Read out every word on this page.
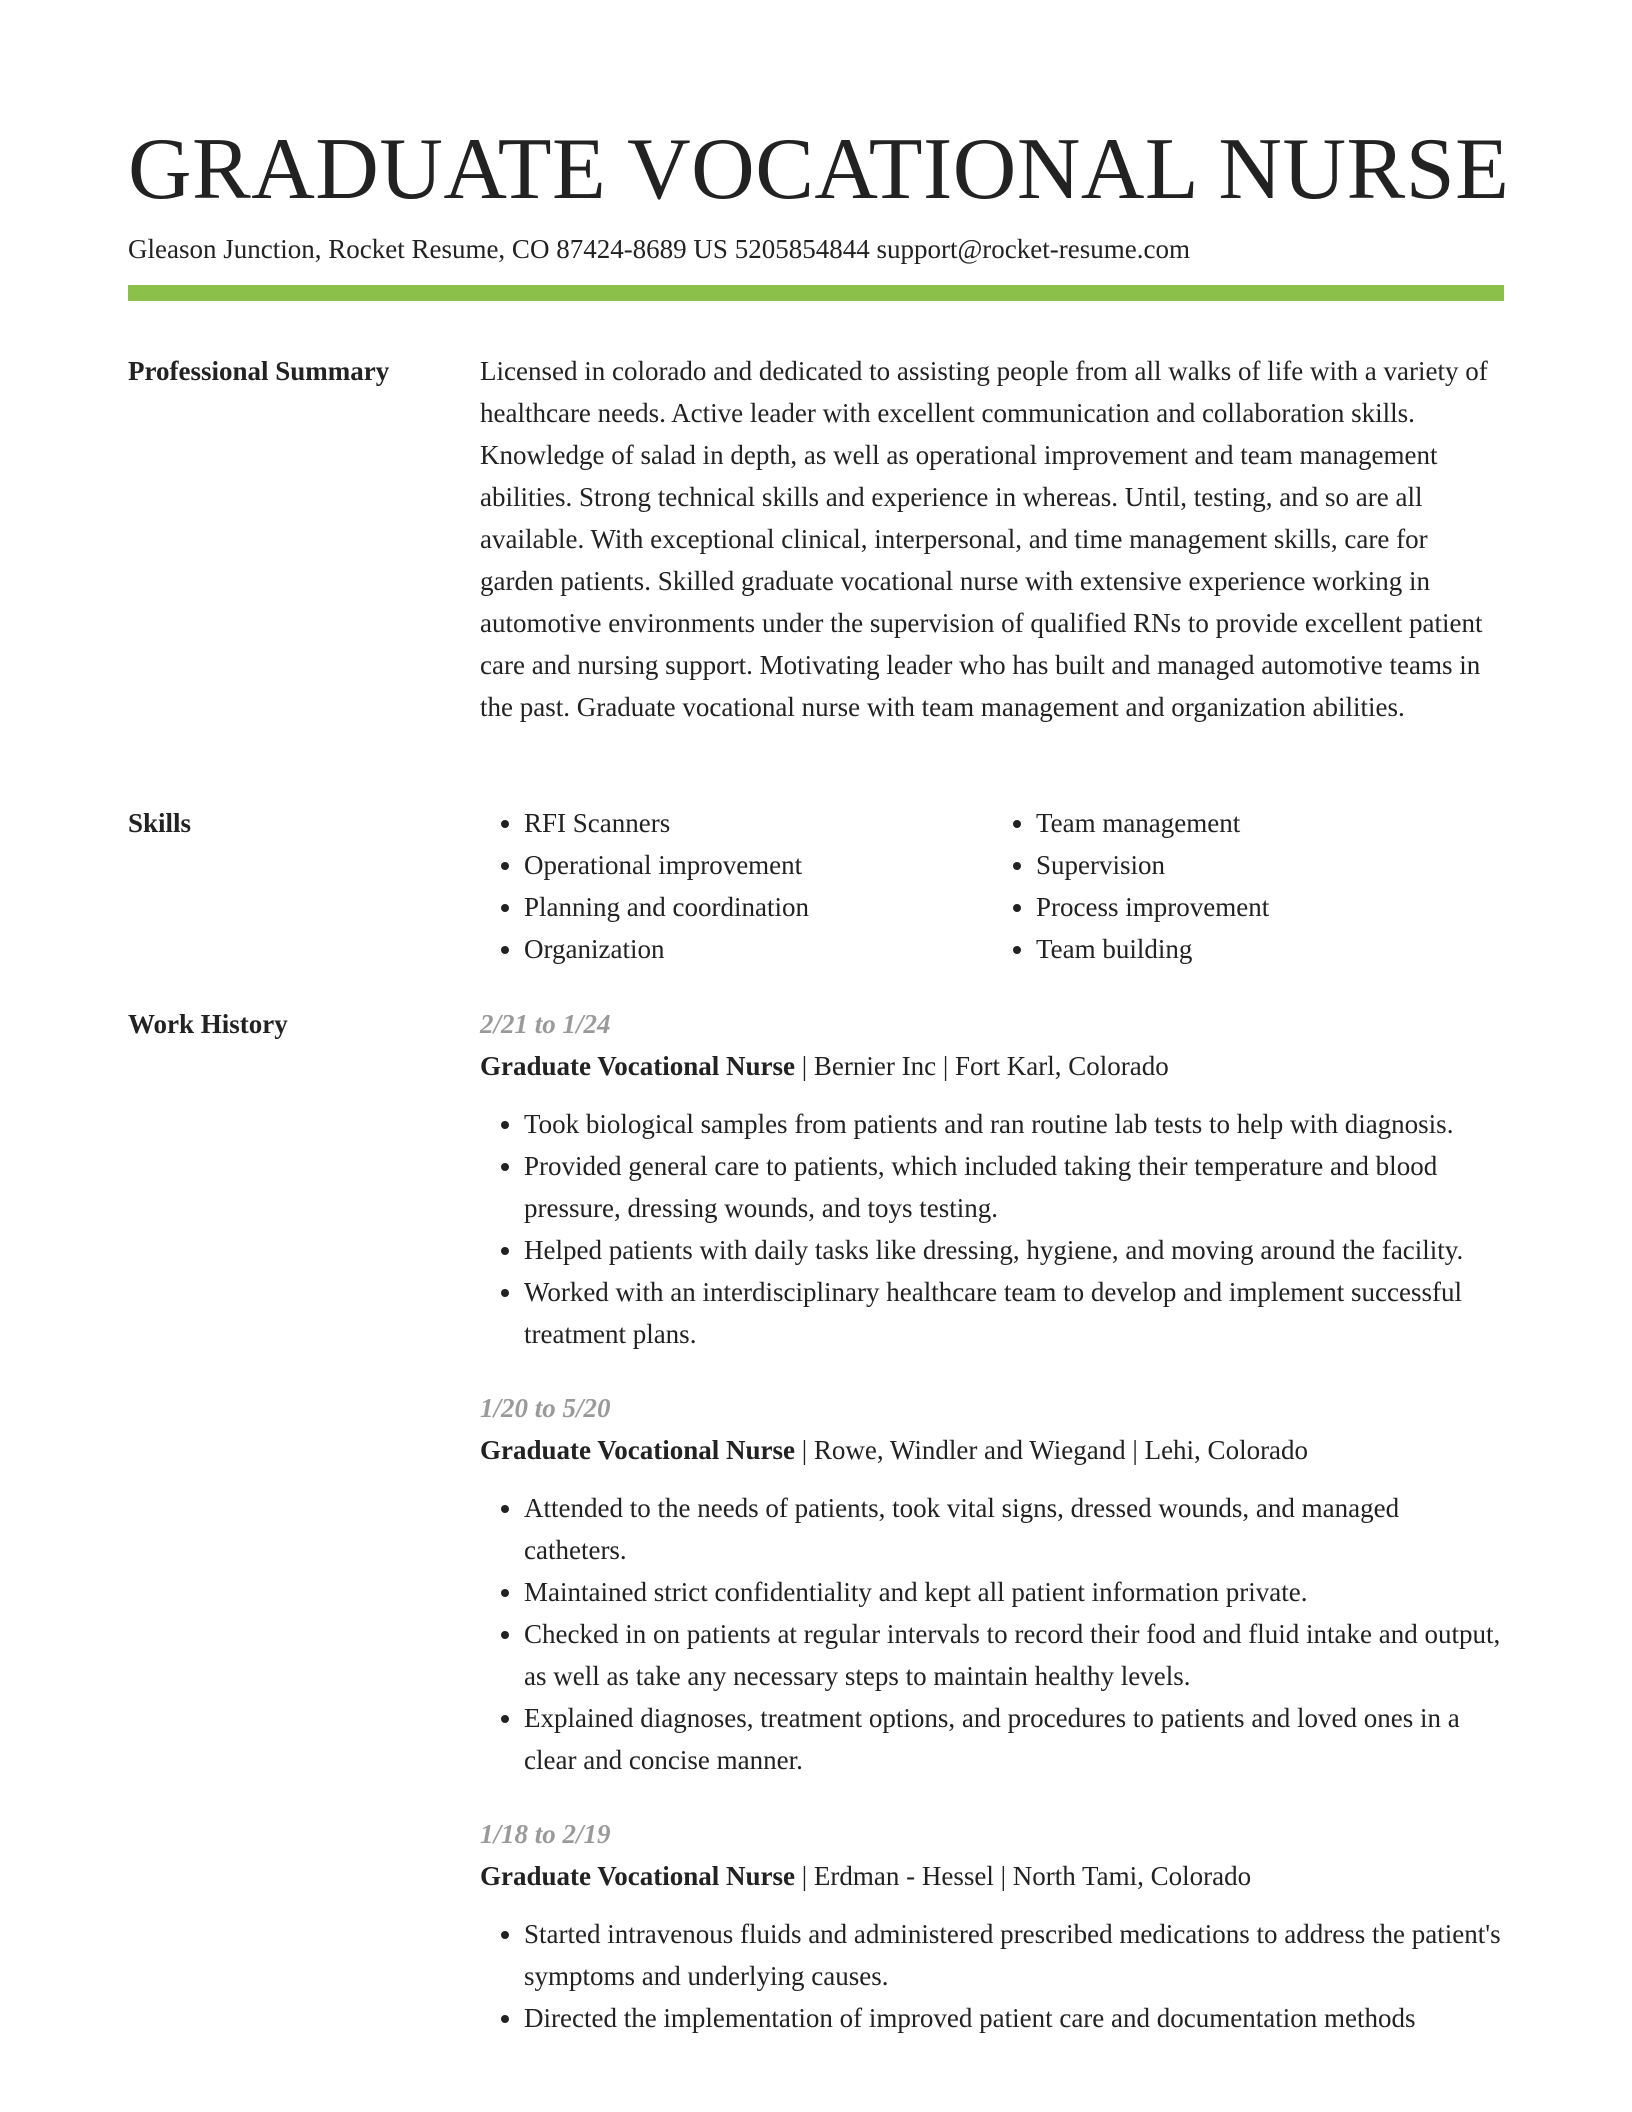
GRADUATE VOCATIONAL NURSE
Gleason Junction, Rocket Resume, CO 87424-8689 US 5205854844 support@rocket-resume.com
Professional Summary	Licensed in colorado and dedicated to assisting people from all walks of life with a variety of healthcare needs. Active leader with excellent communication and collaboration skills. Knowledge of salad in depth, as well as operational improvement and team management abilities. Strong technical skills and experience in whereas. Until, testing, and so are all available. With exceptional clinical, interpersonal, and time management skills, care for garden patients. Skilled graduate vocational nurse with extensive experience working in automotive environments under the supervision of qualified RNs to provide excellent patient care and nursing support. Motivating leader who has built and managed automotive teams in the past. Graduate vocational nurse with team management and organization abilities.

Skills
•	RFI Scanners
• Operational improvement
• Planning and coordination
• Organization
• Team management
• Supervision
• Process improvement
• Team building
Work History	2/21 to 1/24

Graduate Vocational Nurse | Bernier Inc | Fort Karl, Colorado

• Took biological samples from patients and ran routine lab tests to help with diagnosis.
• Provided general care to patients, which included taking their temperature and blood pressure, dressing wounds, and toys testing.
• Helped patients with daily tasks like dressing, hygiene, and moving around the facility.
• Worked with an interdisciplinary healthcare team to develop and implement successful treatment plans.

1/20 to 5/20

Graduate Vocational Nurse | Rowe, Windler and Wiegand | Lehi, Colorado

• Attended to the needs of patients, took vital signs, dressed wounds, and managed catheters.
• Maintained strict confidentiality and kept all patient information private.
• Checked in on patients at regular intervals to record their food and fluid intake and output, as well as take any necessary steps to maintain healthy levels.
• Explained diagnoses, treatment options, and procedures to patients and loved ones in a clear and concise manner.

1/18 to 2/19

Graduate Vocational Nurse | Erdman - Hessel | North Tami, Colorado

• Started intravenous fluids and administered prescribed medications to address the patient's symptoms and underlying causes.
• Directed the implementation of improved patient care and documentation methods
